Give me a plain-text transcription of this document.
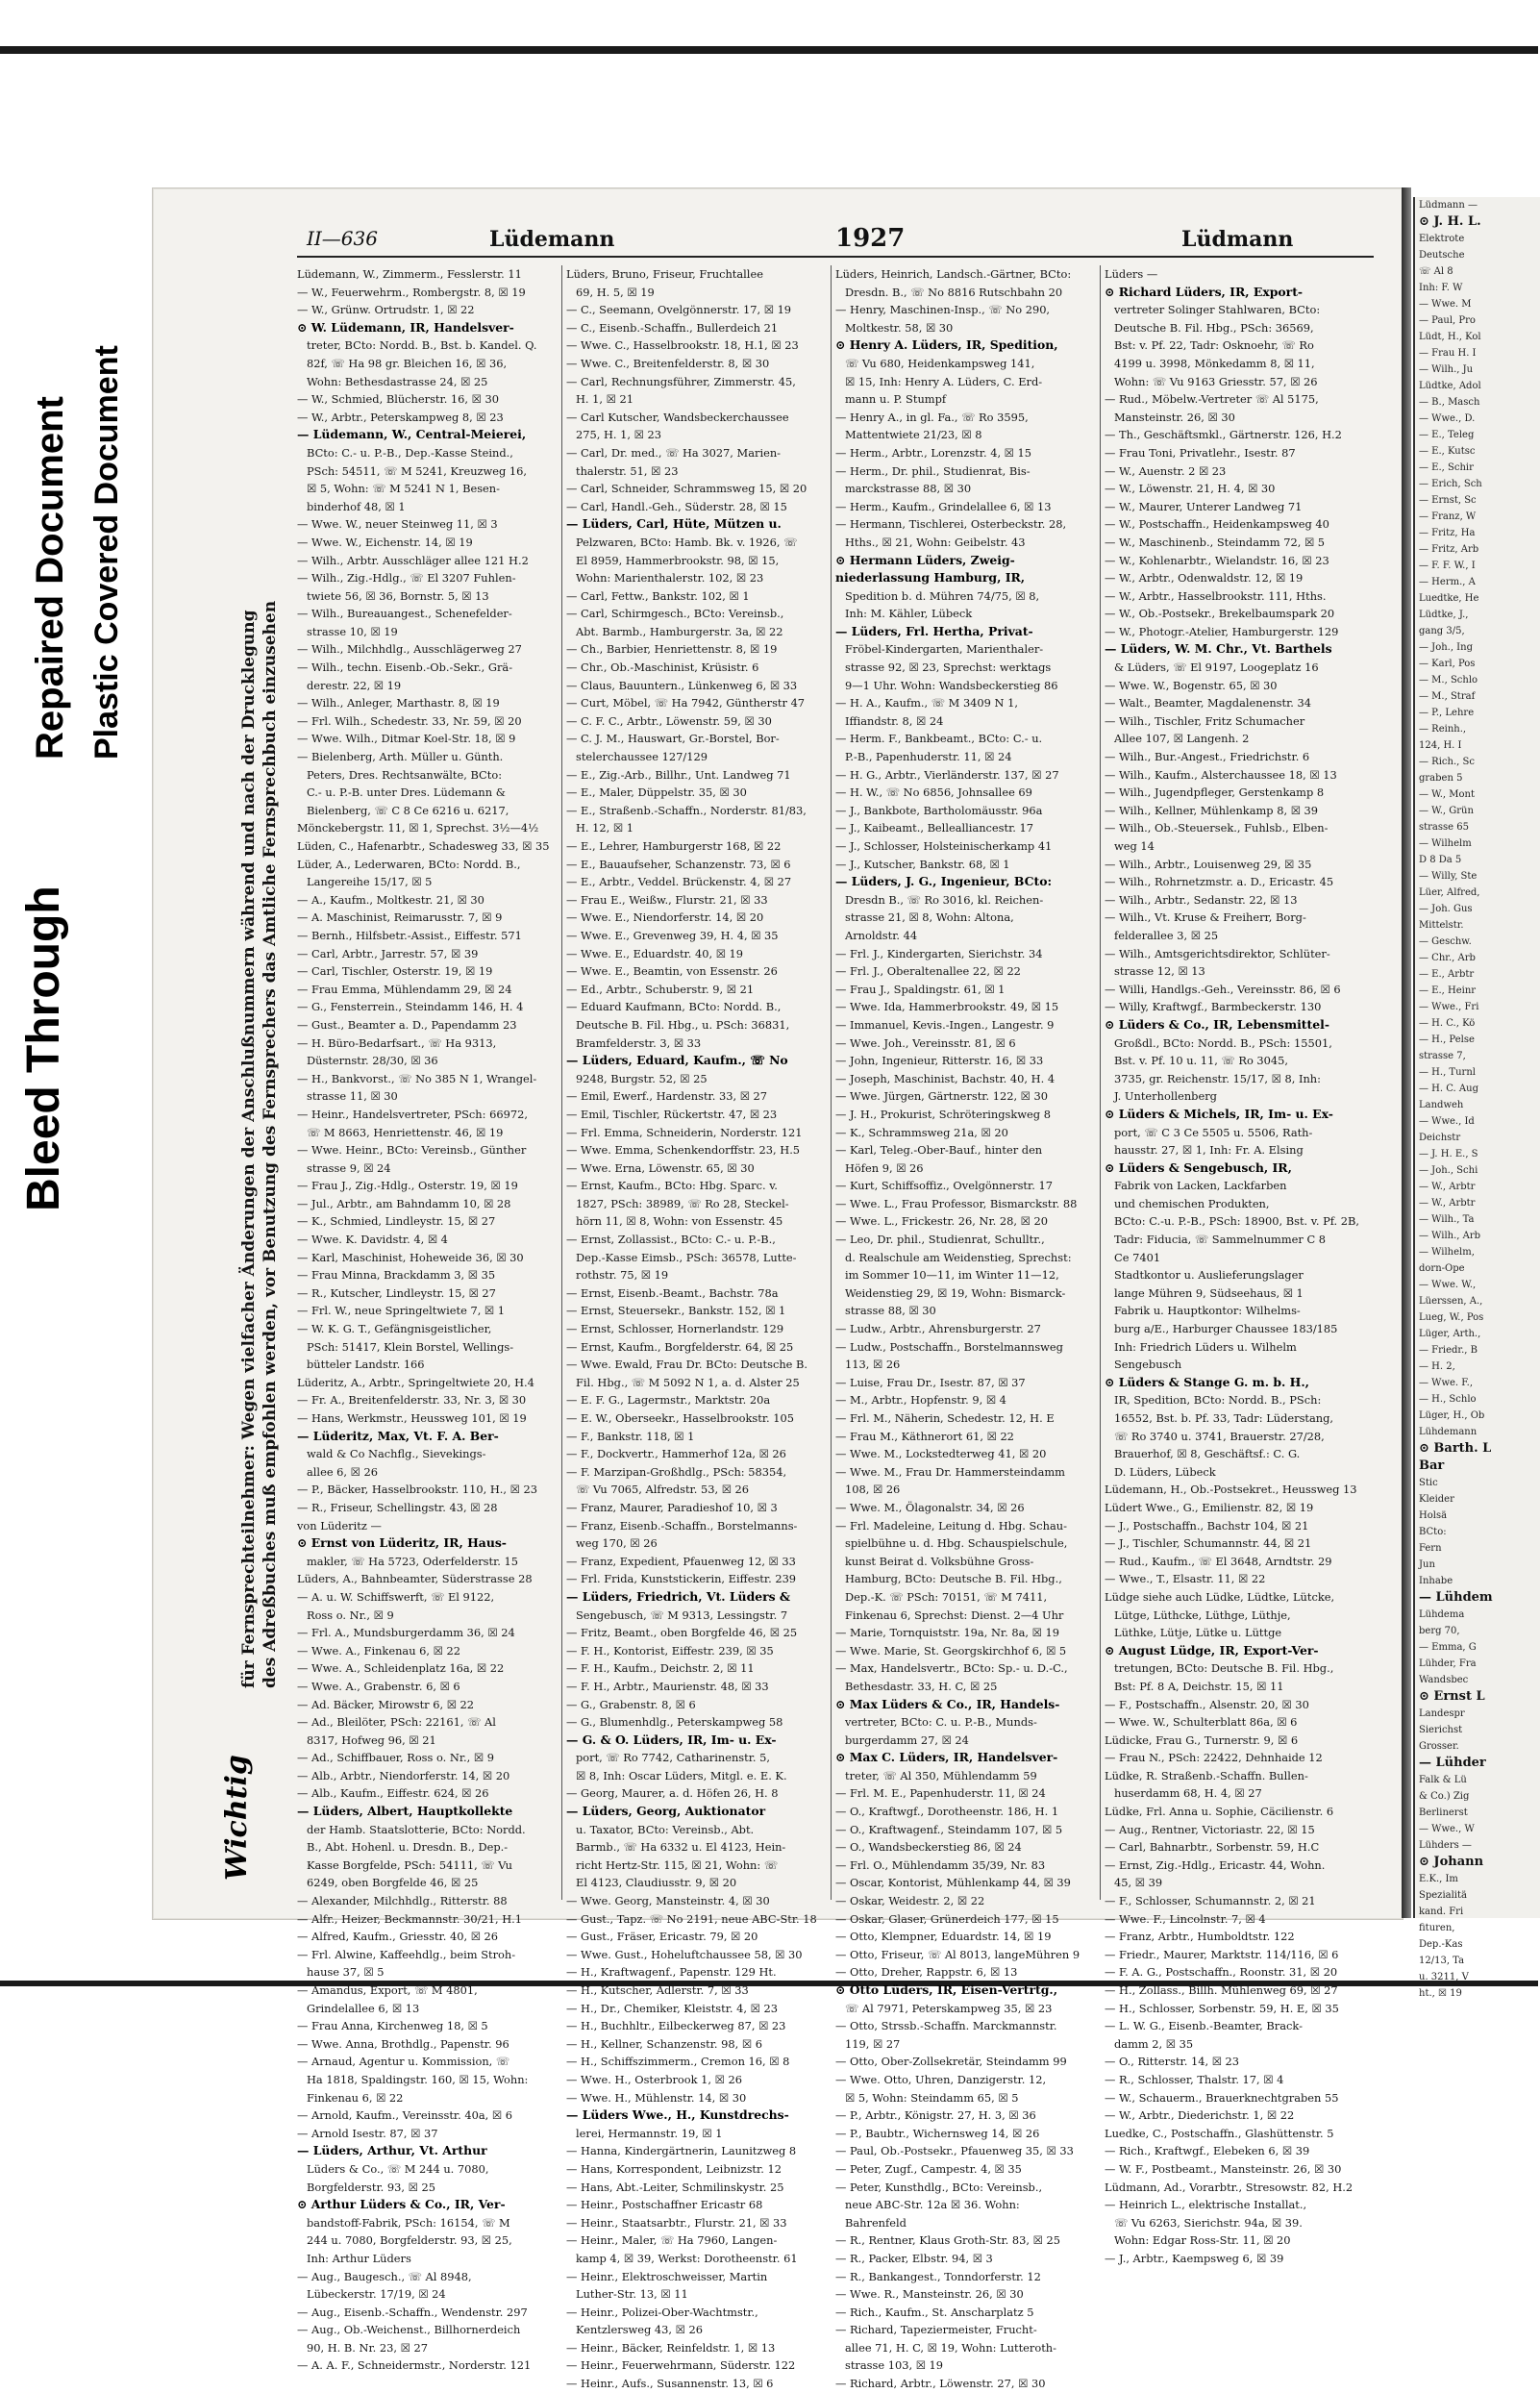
Bleed Through
Repaired Document Plastic Covered Document
für Fernsprechteilnehmer: Wegen vielfacher Änderungen der Anschlußnummern während und nach der Drucklegung des Adreßbuches muß empfohlen werden, vor Benutzung des Fernsprechers das Amtliche Fernsprechbuch einzusehen
Wichtig
II—636	Lüdemann	1927	Lüdmann
Lüdemann, W., Zimmerm., Fesslerstr. 11
— W., Feuerwehrm., Rombergstr. 8, ☒ 19
— W., Grünw. Ortrudstr. 1, ☒ 22
⊙ W. Lüdemann, IR, Handelsver-
treter, BCto: Nordd. B., Bst. b. Kandel. Q.
82f, ☏ Ha 98 gr. Bleichen 16, ☒ 36,
Wohn: Bethesdastrasse 24, ☒ 25
— W., Schmied, Blücherstr. 16, ☒ 30
— W., Arbtr., Peterskampweg 8, ☒ 23
— Lüdemann, W., Central-Meierei,
BCto: C.- u. P.-B., Dep.-Kasse Steind.,
PSch: 54511, ☏ M 5241, Kreuzweg 16,
☒ 5, Wohn: ☏ M 5241 N 1, Besen-
binderhof 48, ☒ 1
— Wwe. W., neuer Steinweg 11, ☒ 3
— Wwe. W., Eichenstr. 14, ☒ 19
— Wilh., Arbtr. Ausschläger allee 121 H.2
— Wilh., Zig.-Hdlg., ☏ El 3207 Fuhlen-
twiete 56, ☒ 36, Bornstr. 5, ☒ 13
— Wilh., Bureauangest., Schenefelder-
strasse 10, ☒ 19
— Wilh., Milchhdlg., Ausschlägerweg 27
— Wilh., techn. Eisenb.-Ob.-Sekr., Grä-
derestr. 22, ☒ 19
— Wilh., Anleger, Marthastr. 8, ☒ 19
— Frl. Wilh., Schedestr. 33, Nr. 59, ☒ 20
— Wwe. Wilh., Ditmar Koel-Str. 18, ☒ 9
— Bielenberg, Arth. Müller u. Günth.
Peters, Dres. Rechtsanwälte, BCto:
C.- u. P.-B. unter Dres. Lüdemann &
Bielenberg, ☏ C 8 Ce 6216 u. 6217,
Mönckebergstr. 11, ☒ 1, Sprechst. 3½—4½
Lüden, C., Hafenarbtr., Schadesweg 33, ☒ 35
Lüder, A., Lederwaren, BCto: Nordd. B.,
Langereihe 15/17, ☒ 5
— A., Kaufm., Moltkestr. 21, ☒ 30
— A. Maschinist, Reimarusstr. 7, ☒ 9
— Bernh., Hilfsbetr.-Assist., Eiffestr. 571
— Carl, Arbtr., Jarrestr. 57, ☒ 39
— Carl, Tischler, Osterstr. 19, ☒ 19
— Frau Emma, Mühlendamm 29, ☒ 24
— G., Fensterrein., Steindamm 146, H. 4
— Gust., Beamter a. D., Papendamm 23
— H. Büro-Bedarfsart., ☏ Ha 9313,
Düsternstr. 28/30, ☒ 36
— H., Bankvorst., ☏ No 385 N 1, Wrangel-
strasse 11, ☒ 30
— Heinr., Handelsvertreter, PSch: 66972,
☏ M 8663, Henriettenstr. 46, ☒ 19
— Wwe. Heinr., BCto: Vereinsb., Günther
strasse 9, ☒ 24
— Frau J., Zig.-Hdlg., Osterstr. 19, ☒ 19
— Jul., Arbtr., am Bahndamm 10, ☒ 28
— K., Schmied, Lindleystr. 15, ☒ 27
— Wwe. K. Davidstr. 4, ☒ 4
— Karl, Maschinist, Hoheweide 36, ☒ 30
— Frau Minna, Brackdamm 3, ☒ 35
— R., Kutscher, Lindleystr. 15, ☒ 27
— Frl. W., neue Springeltwiete 7, ☒ 1
— W. K. G. T., Gefängnisgeistlicher,
PSch: 51417, Klein Borstel, Wellings-
bütteler Landstr. 166
Lüderitz, A., Arbtr., Springeltwiete 20, H.4
— Fr. A., Breitenfelderstr. 33, Nr. 3, ☒ 30
— Hans, Werkmstr., Heussweg 101, ☒ 19
— Lüderitz, Max, Vt. F. A. Ber-
wald & Co Nachflg., Sievekings-
allee 6, ☒ 26
— P., Bäcker, Hasselbrookstr. 110, H., ☒ 23
— R., Friseur, Schellingstr. 43, ☒ 28
von Lüderitz —
⊙ Ernst von Lüderitz, IR, Haus-
makler, ☏ Ha 5723, Oderfelderstr. 15
Lüders, A., Bahnbeamter, Süderstrasse 28
— A. u. W. Schiffswerft, ☏ El 9122,
Ross o. Nr., ☒ 9
— Frl. A., Mundsburgerdamm 36, ☒ 24
— Wwe. A., Finkenau 6, ☒ 22
— Wwe. A., Schleidenplatz 16a, ☒ 22
— Wwe. A., Grabenstr. 6, ☒ 6
— Ad. Bäcker, Mirowstr 6, ☒ 22
— Ad., Bleilöter, PSch: 22161, ☏ Al
8317, Hofweg 96, ☒ 21
— Ad., Schiffbauer, Ross o. Nr., ☒ 9
— Alb., Arbtr., Niendorferstr. 14, ☒ 20
— Alb., Kaufm., Eiffestr. 624, ☒ 26
— Lüders, Albert, Hauptkollekte
der Hamb. Staatslotterie, BCto: Nordd.
B., Abt. Hohenl. u. Dresdn. B., Dep.-
Kasse Borgfelde, PSch: 54111, ☏ Vu
6249, oben Borgfelde 46, ☒ 25
— Alexander, Milchhdlg., Ritterstr. 88
— Alfr., Heizer, Beckmannstr. 30/21, H.1
— Alfred, Kaufm., Griesstr. 40, ☒ 26
— Frl. Alwine, Kaffeehdlg., beim Stroh-
hause 37, ☒ 5
— Amandus, Export, ☏ M 4801,
Grindelallee 6, ☒ 13
— Frau Anna, Kirchenweg 18, ☒ 5
— Wwe. Anna, Brothdlg., Papenstr. 96
— Arnaud, Agentur u. Kommission, ☏
Ha 1818, Spaldingstr. 160, ☒ 15, Wohn:
Finkenau 6, ☒ 22
— Arnold, Kaufm., Vereinsstr. 40a, ☒ 6
— Arnold Isestr. 87, ☒ 37
— Lüders, Arthur, Vt. Arthur
Lüders & Co., ☏ M 244 u. 7080,
Borgfelderstr. 93, ☒ 25
⊙ Arthur Lüders & Co., IR, Ver-
bandstoff-Fabrik, PSch: 16154, ☏ M
244 u. 7080, Borgfelderstr. 93, ☒ 25,
Inh: Arthur Lüders
— Aug., Baugesch., ☏ Al 8948,
Lübeckerstr. 17/19, ☒ 24
— Aug., Eisenb.-Schaffn., Wendenstr. 297
— Aug., Ob.-Weichenst., Billhornerdeich
90, H. B. Nr. 23, ☒ 27
— A. A. F., Schneidermstr., Norderstr. 121
Lüders, Bruno, Friseur, Fruchtallee
69, H. 5, ☒ 19
— C., Seemann, Ovelgönnerstr. 17, ☒ 19
— C., Eisenb.-Schaffn., Bullerdeich 21
— Wwe. C., Hasselbrookstr. 18, H.1, ☒ 23
— Wwe. C., Breitenfelderstr. 8, ☒ 30
— Carl, Rechnungsführer, Zimmerstr. 45,
H. 1, ☒ 21
— Carl Kutscher, Wandsbeckerchaussee
275, H. 1, ☒ 23
— Carl, Dr. med., ☏ Ha 3027, Marien-
thalerstr. 51, ☒ 23
— Carl, Schneider, Schrammsweg 15, ☒ 20
— Carl, Handl.-Geh., Süderstr. 28, ☒ 15
— Lüders, Carl, Hüte, Mützen u.
Pelzwaren, BCto: Hamb. Bk. v. 1926, ☏
El 8959, Hammerbrookstr. 98, ☒ 15,
Wohn: Marienthalerstr. 102, ☒ 23
— Carl, Fettw., Bankstr. 102, ☒ 1
— Carl, Schirmgesch., BCto: Vereinsb.,
Abt. Barmb., Hamburgerstr. 3a, ☒ 22
— Ch., Barbier, Henriettenstr. 8, ☒ 19
— Chr., Ob.-Maschinist, Krüsistr. 6
— Claus, Bauuntern., Lünkenweg 6, ☒ 33
— Curt, Möbel, ☏ Ha 7942, Güntherstr 47
— C. F. C., Arbtr., Löwenstr. 59, ☒ 30
— C. J. M., Hauswart, Gr.-Borstel, Bor-
stelerchaussee 127/129
— E., Zig.-Arb., Billhr., Unt. Landweg 71
— E., Maler, Düppelstr. 35, ☒ 30
— E., Straßenb.-Schaffn., Norderstr. 81/83,
H. 12, ☒ 1
— E., Lehrer, Hamburgerstr 168, ☒ 22
— E., Bauaufseher, Schanzenstr. 73, ☒ 6
— E., Arbtr., Veddel. Brückenstr. 4, ☒ 27
— Frau E., Weißw., Flurstr. 21, ☒ 33
— Wwe. E., Niendorferstr. 14, ☒ 20
— Wwe. E., Grevenweg 39, H. 4, ☒ 35
— Wwe. E., Eduardstr. 40, ☒ 19
— Wwe. E., Beamtin, von Essenstr. 26
— Ed., Arbtr., Schuberstr. 9, ☒ 21
— Eduard Kaufmann, BCto: Nordd. B.,
Deutsche B. Fil. Hbg., u. PSch: 36831,
Bramfelderstr. 3, ☒ 33
— Lüders, Eduard, Kaufm., ☏ No
9248, Burgstr. 52, ☒ 25
— Emil, Ewerf., Hardenstr. 33, ☒ 27
— Emil, Tischler, Rückertstr. 47, ☒ 23
— Frl. Emma, Schneiderin, Norderstr. 121
— Wwe. Emma, Schenkendorffstr. 23, H.5
— Wwe. Erna, Löwenstr. 65, ☒ 30
— Ernst, Kaufm., BCto: Hbg. Sparc. v.
1827, PSch: 38989, ☏ Ro 28, Steckel-
hörn 11, ☒ 8, Wohn: von Essenstr. 45
— Ernst, Zollassist., BCto: C.- u. P.-B.,
Dep.-Kasse Eimsb., PSch: 36578, Lutte-
rothstr. 75, ☒ 19
— Ernst, Eisenb.-Beamt., Bachstr. 78a
— Ernst, Steuersekr., Bankstr. 152, ☒ 1
— Ernst, Schlosser, Hornerlandstr. 129
— Ernst, Kaufm., Borgfelderstr. 64, ☒ 25
— Wwe. Ewald, Frau Dr. BCto: Deutsche B.
Fil. Hbg., ☏ M 5092 N 1, a. d. Alster 25
— E. F. G., Lagermstr., Marktstr. 20a
— E. W., Oberseekr., Hasselbrookstr. 105
— F., Bankstr. 118, ☒ 1
— F., Dockvertr., Hammerhof 12a, ☒ 26
— F. Marzipan-Großhdlg., PSch: 58354,
☏ Vu 7065, Alfredstr. 53, ☒ 26
— Franz, Maurer, Paradieshof 10, ☒ 3
— Franz, Eisenb.-Schaffn., Borstelmanns-
weg 170, ☒ 26
— Franz, Expedient, Pfauenweg 12, ☒ 33
— Frl. Frida, Kunststickerin, Eiffestr. 239
— Lüders, Friedrich, Vt. Lüders &
Sengebusch, ☏ M 9313, Lessingstr. 7
— Fritz, Beamt., oben Borgfelde 46, ☒ 25
— F. H., Kontorist, Eiffestr. 239, ☒ 35
— F. H., Kaufm., Deichstr. 2, ☒ 11
— F. H., Arbtr., Maurienstr. 48, ☒ 33
— G., Grabenstr. 8, ☒ 6
— G., Blumenhdlg., Peterskampweg 58
— G. & O. Lüders, IR, Im- u. Ex-
port, ☏ Ro 7742, Catharinenstr. 5,
☒ 8, Inh: Oscar Lüders, Mitgl. e. E. K.
— Georg, Maurer, a. d. Höfen 26, H. 8
— Lüders, Georg, Auktionator
u. Taxator, BCto: Vereinsb., Abt.
Barmb., ☏ Ha 6332 u. El 4123, Hein-
richt Hertz-Str. 115, ☒ 21, Wohn: ☏
El 4123, Claudiusstr. 9, ☒ 20
— Wwe. Georg, Mansteinstr. 4, ☒ 30
— Gust., Tapz. ☏ No 2191, neue ABC-Str. 18
— Gust., Fräser, Ericastr. 79, ☒ 20
— Wwe. Gust., Hoheluftchaussee 58, ☒ 30
— H., Kraftwagenf., Papenstr. 129 Ht.
— H., Kutscher, Adlerstr. 7, ☒ 33
— H., Dr., Chemiker, Kleiststr. 4, ☒ 23
— H., Buchhltr., Eilbeckerweg 87, ☒ 23
— H., Kellner, Schanzenstr. 98, ☒ 6
— H., Schiffszimmerm., Cremon 16, ☒ 8
— Wwe. H., Osterbrook 1, ☒ 26
— Wwe. H., Mühlenstr. 14, ☒ 30
— Lüders Wwe., H., Kunstdrechs-
lerei, Hermannstr. 19, ☒ 1
— Hanna, Kindergärtnerin, Launitzweg 8
— Hans, Korrespondent, Leibnizstr. 12
— Hans, Abt.-Leiter, Schmilinskystr. 25
— Heinr., Postschaffner Ericastr 68
— Heinr., Staatsarbtr., Flurstr. 21, ☒ 33
— Heinr., Maler, ☏ Ha 7960, Langen-
kamp 4, ☒ 39, Werkst: Dorotheenstr. 61
— Heinr., Elektroschweisser, Martin
Luther-Str. 13, ☒ 11
— Heinr., Polizei-Ober-Wachtmstr.,
Kentzlersweg 43, ☒ 26
— Heinr., Bäcker, Reinfeldstr. 1, ☒ 13
— Heinr., Feuerwehrmann, Süderstr. 122
— Heinr., Aufs., Susannenstr. 13, ☒ 6
Lüders, Heinrich, Landsch.-Gärtner, BCto:
Dresdn. B., ☏ No 8816 Rutschbahn 20
— Henry, Maschinen-Insp., ☏ No 290,
Moltkestr. 58, ☒ 30
⊙ Henry A. Lüders, IR, Spedition,
☏ Vu 680, Heidenkampsweg 141,
☒ 15, Inh: Henry A. Lüders, C. Erd-
mann u. P. Stumpf
— Henry A., in gl. Fa., ☏ Ro 3595,
Mattentwiete 21/23, ☒ 8
— Herm., Arbtr., Lorenzstr. 4, ☒ 15
— Herm., Dr. phil., Studienrat, Bis-
marckstrasse 88, ☒ 30
— Herm., Kaufm., Grindelallee 6, ☒ 13
— Hermann, Tischlerei, Osterbeckstr. 28,
Hths., ☒ 21, Wohn: Geibelstr. 43
⊙ Hermann Lüders, Zweig-
niederlassung Hamburg, IR,
Spedition b. d. Mühren 74/75, ☒ 8,
Inh: M. Kähler, Lübeck
— Lüders, Frl. Hertha, Privat-
Fröbel-Kindergarten, Marienthaler-
strasse 92, ☒ 23, Sprechst: werktags
9—1 Uhr. Wohn: Wandsbeckerstieg 86
— H. A., Kaufm., ☏ M 3409 N 1,
Iffiandstr. 8, ☒ 24
— Herm. F., Bankbeamt., BCto: C.- u.
P.-B., Papenhuderstr. 11, ☒ 24
— H. G., Arbtr., Vierländerstr. 137, ☒ 27
— H. W., ☏ No 6856, Johnsallee 69
— J., Bankbote, Bartholomäusstr. 96a
— J., Kaibeamt., Belleallianсestr. 17
— J., Schlosser, Holsteinischerkamp 41
— J., Kutscher, Bankstr. 68, ☒ 1
— Lüders, J. G., Ingenieur, BCto:
Dresdn B., ☏ Ro 3016, kl. Reichen-
strasse 21, ☒ 8, Wohn: Altona,
Arnoldstr. 44
— Frl. J., Kindergarten, Sierichstr. 34
— Frl. J., Oberaltenallee 22, ☒ 22
— Frau J., Spaldingstr. 61, ☒ 1
— Wwe. Ida, Hammerbrookstr. 49, ☒ 15
— Immanuel, Kevis.-Ingen., Langestr. 9
— Wwe. Joh., Vereinsstr. 81, ☒ 6
— John, Ingenieur, Ritterstr. 16, ☒ 33
— Joseph, Maschinist, Bachstr. 40, H. 4
— Wwe. Jürgen, Gärtnerstr. 122, ☒ 30
— J. H., Prokurist, Schröteringskweg 8
— K., Schrammsweg 21a, ☒ 20
— Karl, Teleg.-Ober-Bauf., hinter den
Höfen 9, ☒ 26
— Kurt, Schiffsoffiz., Ovelgönnerstr. 17
— Wwe. L., Frau Professor, Bismarckstr. 88
— Wwe. L., Frickestr. 26, Nr. 28, ☒ 20
— Leo, Dr. phil., Studienrat, Schulltr.,
d. Realschule am Weidenstieg, Sprechst:
im Sommer 10—11, im Winter 11—12,
Weidenstieg 29, ☒ 19, Wohn: Bismarck-
strasse 88, ☒ 30
— Ludw., Arbtr., Ahrensburgerstr. 27
— Ludw., Postschaffn., Borstelmannsweg
113, ☒ 26
— Luise, Frau Dr., Isestr. 87, ☒ 37
— M., Arbtr., Hopfenstr. 9, ☒ 4
— Frl. M., Näherin, Schedestr. 12, H. E
— Frau M., Käthnerort 61, ☒ 22
— Wwe. M., Lockstedterweg 41, ☒ 20
— Wwe. M., Frau Dr. Hammersteindamm
108, ☒ 26
— Wwe. M., Ölagonalstr. 34, ☒ 26
— Frl. Madeleine, Leitung d. Hbg. Schau-
spielbühne u. d. Hbg. Schauspielschule,
kunst Beirat d. Volksbühne Gross-
Hamburg, BCto: Deutsche B. Fil. Hbg.,
Dep.-K. ☏ PSch: 70151, ☏ M 7411,
Finkenau 6, Sprechst: Dienst. 2—4 Uhr
— Marie, Tornquiststr. 19a, Nr. 8a, ☒ 19
— Wwe. Marie, St. Georgskirchhof 6, ☒ 5
— Max, Handelsvertr., BCto: Sp.- u. D.-C.,
Bethesdastr. 33, H. C, ☒ 25
⊙ Max Lüders & Co., IR, Handels-
vertreter, BCto: C. u. P.-B., Munds-
burgerdamm 27, ☒ 24
⊙ Max C. Lüders, IR, Handelsver-
treter, ☏ Al 350, Mühlendamm 59
— Frl. M. E., Papenhuderstr. 11, ☒ 24
— O., Kraftwgf., Dorotheenstr. 186, H. 1
— O., Kraftwagenf., Steindamm 107, ☒ 5
— O., Wandsbeckerstieg 86, ☒ 24
— Frl. O., Mühlendamm 35/39, Nr. 83
— Oscar, Kontorist, Mühlenkamp 44, ☒ 39
— Oskar, Weidestr. 2, ☒ 22
— Oskar, Glaser, Grünerdeich 177, ☒ 15
— Otto, Klempner, Eduardstr. 14, ☒ 19
— Otto, Friseur, ☏ Al 8013, langeMühren 9
— Otto, Dreher, Rappstr. 6, ☒ 13
⊙ Otto Lüders, IR, Eisen-Vertrtg.,
☏ Al 7971, Peterskampweg 35, ☒ 23
— Otto, Strssb.-Schaffn. Marckmannstr.
119, ☒ 27
— Otto, Ober-Zollsekretär, Steindamm 99
— Wwe. Otto, Uhren, Danzigerstr. 12,
☒ 5, Wohn: Steindamm 65, ☒ 5
— P., Arbtr., Königstr. 27, H. 3, ☒ 36
— P., Baubtr., Wichernsweg 14, ☒ 26
— Paul, Ob.-Postsekr., Pfauenweg 35, ☒ 33
— Peter, Zugf., Campestr. 4, ☒ 35
— Peter, Kunsthdlg., BCto: Vereinsb.,
neue ABC-Str. 12a ☒ 36. Wohn:
Bahrenfeld
— R., Rentner, Klaus Groth-Str. 83, ☒ 25
— R., Packer, Elbstr. 94, ☒ 3
— R., Bankangest., Tonndorferstr. 12
— Wwe. R., Mansteinstr. 26, ☒ 30
— Rich., Kaufm., St. Anscharplatz 5
— Richard, Tapeziermeister, Frucht-
allee 71, H. C, ☒ 19, Wohn: Lutteroth-
strasse 103, ☒ 19
— Richard, Arbtr., Löwenstr. 27, ☒ 30
Lüders —
⊙ Richard Lüders, IR, Export-
vertreter Solinger Stahlwaren, BCto:
Deutsche B. Fil. Hbg., PSch: 36569,
Bst: v. Pf. 22, Tadr: Osknoehr, ☏ Ro
4199 u. 3998, Mönkedamm 8, ☒ 11,
Wohn: ☏ Vu 9163 Griesstr. 57, ☒ 26
— Rud., Möbelw.-Vertreter ☏ Al 5175,
Mansteinstr. 26, ☒ 30
— Th., Geschäftsmkl., Gärtnerstr. 126, H.2
— Frau Toni, Privatlehr., Isestr. 87
— W., Auenstr. 2 ☒ 23
— W., Löwenstr. 21, H. 4, ☒ 30
— W., Maurer, Unterer Landweg 71
— W., Postschaffn., Heidenkampsweg 40
— W., Maschinenb., Steindamm 72, ☒ 5
— W., Kohlenarbtr., Wielandstr. 16, ☒ 23
— W., Arbtr., Odenwaldstr. 12, ☒ 19
— W., Arbtr., Hasselbrookstr. 111, Hths.
— W., Ob.-Postsekr., Brekelbaumspark 20
— W., Photogr.-Atelier, Hamburgerstr. 129
— Lüders, W. M. Chr., Vt. Barthels
& Lüders, ☏ El 9197, Loogeplatz 16
— Wwe. W., Bogenstr. 65, ☒ 30
— Walt., Beamter, Magdalenenstr. 34
— Wilh., Tischler, Fritz Schumacher
Allee 107, ☒ Langenh. 2
— Wilh., Bur.-Angest., Friedrichstr. 6
— Wilh., Kaufm., Alsterchaussee 18, ☒ 13
— Wilh., Jugendpfleger, Gerstenkamp 8
— Wilh., Kellner, Mühlenkamp 8, ☒ 39
— Wilh., Ob.-Steuersek., Fuhlsb., Elben-
weg 14
— Wilh., Arbtr., Louisenweg 29, ☒ 35
— Wilh., Rohrnetzmstr. a. D., Ericastr. 45
— Wilh., Arbtr., Sedanstr. 22, ☒ 13
— Wilh., Vt. Kruse & Freiherr, Borg-
felderallee 3, ☒ 25
— Wilh., Amtsgerichtsdirektor, Schlüter-
strasse 12, ☒ 13
— Willi, Handlgs.-Geh., Vereinsstr. 86, ☒ 6
— Willy, Kraftwgf., Barmbeckerstr. 130
⊙ Lüders & Co., IR, Lebensmittel-
Großdl., BCto: Nordd. B., PSch: 15501,
Bst. v. Pf. 10 u. 11, ☏ Ro 3045,
3735, gr. Reichenstr. 15/17, ☒ 8, Inh:
J. Unterhollenberg
⊙ Lüders & Michels, IR, Im- u. Ex-
port, ☏ C 3 Ce 5505 u. 5506, Rath-
hausstr. 27, ☒ 1, Inh: Fr. A. Elsing
⊙ Lüders & Sengebusch, IR,
Fabrik von Lacken, Lackfarben
und chemischen Produkten,
BCto: C.-u. P.-B., PSch: 18900, Bst. v. Pf. 2B,
Tadr: Fiducia, ☏ Sammelnummer C 8
Ce 7401
Stadtkontor u. Auslieferungslager
lange Mühren 9, Südseehaus, ☒ 1
Fabrik u. Hauptkontor: Wilhelms-
burg a/E., Harburger Chaussee 183/185
Inh: Friedrich Lüders u. Wilhelm
Sengebusch
⊙ Lüders & Stange G. m. b. H.,
IR, Spedition, BCto: Nordd. B., PSch:
16552, Bst. b. Pf. 33, Tadr: Lüderstang,
☏ Ro 3740 u. 3741, Brauerstr. 27/28,
Brauerhof, ☒ 8, Geschäftsf.: C. G.
D. Lüders, Lübeck
Lüdemann, H., Ob.-Postsekret., Heussweg 13
Lüdert Wwe., G., Emilienstr. 82, ☒ 19
— J., Postschaffn., Bachstr 104, ☒ 21
— J., Tischler, Schumannstr. 44, ☒ 21
— Rud., Kaufm., ☏ El 3648, Arndtstr. 29
— Wwe., T., Elsastr. 11, ☒ 22
Lüdge siehe auch Lüdke, Lüdtke, Lütcke,
Lütge, Lüthcke, Lüthge, Lüthje,
Lüthke, Lütje, Lütke u. Lüttge
⊙ August Lüdge, IR, Export-Ver-
tretungen, BCto: Deutsche B. Fil. Hbg.,
Bst: Pf. 8 A, Deichstr. 15, ☒ 11
— F., Postschaffn., Alsenstr. 20, ☒ 30
— Wwe. W., Schulterblatt 86a, ☒ 6
Lüdicke, Frau G., Turnerstr. 9, ☒ 6
— Frau N., PSch: 22422, Dehnhaide 12
Lüdke, R. Straßenb.-Schaffn. Bullen-
huserdamm 68, H. 4, ☒ 27
Lüdke, Frl. Anna u. Sophie, Cäcilienstr. 6
— Aug., Rentner, Victoriastr. 22, ☒ 15
— Carl, Bahnarbtr., Sorbenstr. 59, H.C
— Ernst, Zig.-Hdlg., Ericastr. 44, Wohn.
45, ☒ 39
— F., Schlosser, Schumannstr. 2, ☒ 21
— Wwe. F., Lincolnstr. 7, ☒ 4
— Franz, Arbtr., Humboldtstr. 122
— Friedr., Maurer, Marktstr. 114/116, ☒ 6
— F. A. G., Postschaffn., Roonstr. 31, ☒ 20
— H., Zollass., Billh. Mühlenweg 69, ☒ 27
— H., Schlosser, Sorbenstr. 59, H. E, ☒ 35
— L. W. G., Eisenb.-Beamter, Brack-
damm 2, ☒ 35
— O., Ritterstr. 14, ☒ 23
— R., Schlosser, Thalstr. 17, ☒ 4
— W., Schauerm., Brauerknechtgraben 55
— W., Arbtr., Diederichstr. 1, ☒ 22
Luedke, C., Postschaffn., Glashüttenstr. 5
— Rich., Kraftwgf., Elebeken 6, ☒ 39
— W. F., Postbeamt., Mansteinstr. 26, ☒ 30
Lüdmann, Ad., Vorarbtr., Stresowstr. 82, H.2
— Heinrich L., elektrische Installat.,
☏ Vu 6263, Sierichstr. 94a, ☒ 39.
Wohn: Edgar Ross-Str. 11, ☒ 20
— J., Arbtr., Kaempsweg 6, ☒ 39
Lüdmann —
⊙ J. H. L.
Elektrote
Deutsche
☏ Al 8
Inh: F. W
— Wwe. M
— Paul, Pro
Lüdt, H., Kol
— Frau H. I
— Wilh., Ju
Lüdtke, Adol
— B., Masch
— Wwe., D.
— E., Teleg
— E., Kutsc
— E., Schir
— Erich, Sch
— Ernst, Sc
— Franz, W
— Fritz, Ha
— Fritz, Arb
— F. F. W., I
— Herm., A
Luedtke, He
Lüdtke, J.,
gang 3/5,
— Joh., Ing
— Karl, Pos
— M., Schlo
— M., Straf
— P., Lehre
— Reinh.,
124, H. I
— Rich., Sc
graben 5
— W., Mont
— W., Grün
strasse 65
— Wilhelm
D 8 Da 5
— Willy, Ste
Lüer, Alfred,
— Joh. Gus
Mittelstr.
— Geschw.
— Chr., Arb
— E., Arbtr
— E., Heinr
— Wwe., Fri
— H. C., Kö
— H., Pelse
strasse 7,
— H., Turnl
— H. C. Aug
Landweh
— Wwe., Id
Deichstr
— J. H. E., S
— Joh., Schi
— W., Arbtr
— W., Arbtr
— Wilh., Ta
— Wilh., Arb
— Wilhelm,
dorn-Ope
— Wwe. W.,
Lüerssen, A.,
Lueg, W., Pos
Lüger, Arth.,
— Friedr., B
— H. 2,
— Wwe. F.,
— H., Schlo
Lüger, H., Ob
Lühdemann
⊙ Barth. L
Bar
Stic
Kleider
Holsä
BCto:
Fern
Jun
Inhabe
— Lühdem
Lühdema
berg 70,
— Emma, G
Lühder, Fra
Wandsbec
⊙ Ernst L
Landespr
Sierichst
Grosser.
— Lühder
Falk & Lü
& Co.) Zig
Berlinerst
— Wwe., W
Lühders —
⊙ Johann
E.K., Im
Spezialitä
kand. Fri
fituren,
Dep.-Kas
12/13, Ta
u. 3211, V
ht., ☒ 19
